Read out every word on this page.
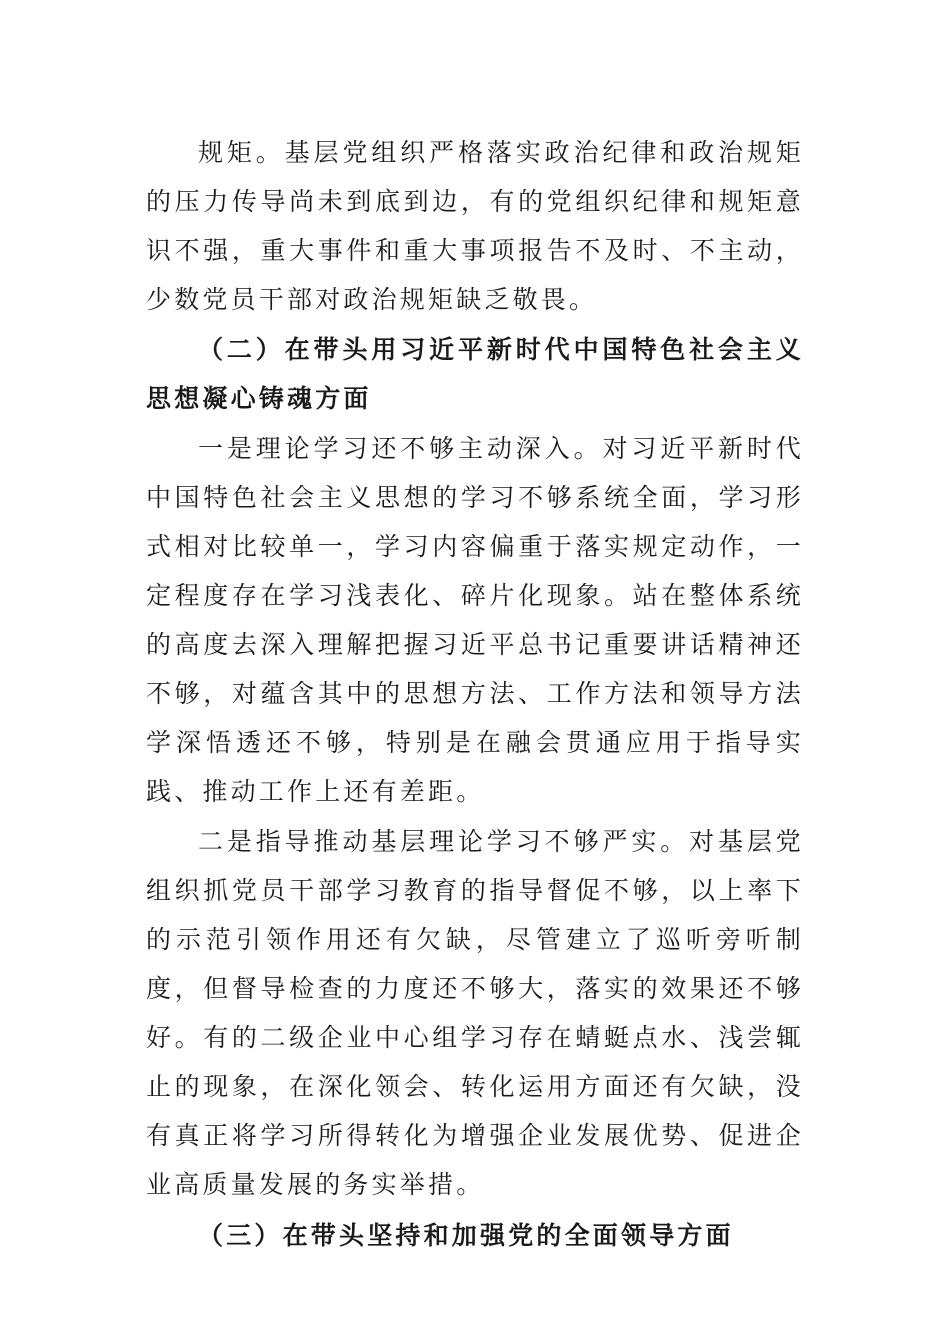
规矩。基层党组织严格落实政治纪律和政治规矩的压力传导尚未到底到边，有的党组织纪律和规矩意识不强，重大事件和重大事项报告不及时、不主动，少数党员干部对政治规矩缺乏敬畏。

（二）在带头用习近平新时代中国特色社会主义思想凝心铸魂方面

一是理论学习还不够主动深入。对习近平新时代中国特色社会主义思想的学习不够系统全面，学习形式相对比较单一，学习内容偏重于落实规定动作，一定程度存在学习浅表化、碎片化现象。站在整体系统的高度去深入理解把握习近平总书记重要讲话精神还不够，对蕴含其中的思想方法、工作方法和领导方法学深悟透还不够，特别是在融会贯通应用于指导实践、推动工作上还有差距。

二是指导推动基层理论学习不够严实。对基层党组织抓党员干部学习教育的指导督促不够，以上率下的示范引领作用还有欠缺，尽管建立了巡听旁听制度，但督导检查的力度还不够大，落实的效果还不够好。有的二级企业中心组学习存在蜻蜓点水、浅尝辄止的现象，在深化领会、转化运用方面还有欠缺，没有真正将学习所得转化为增强企业发展优势、促进企业高质量发展的务实举措。

（三）在带头坚持和加强党的全面领导方面
